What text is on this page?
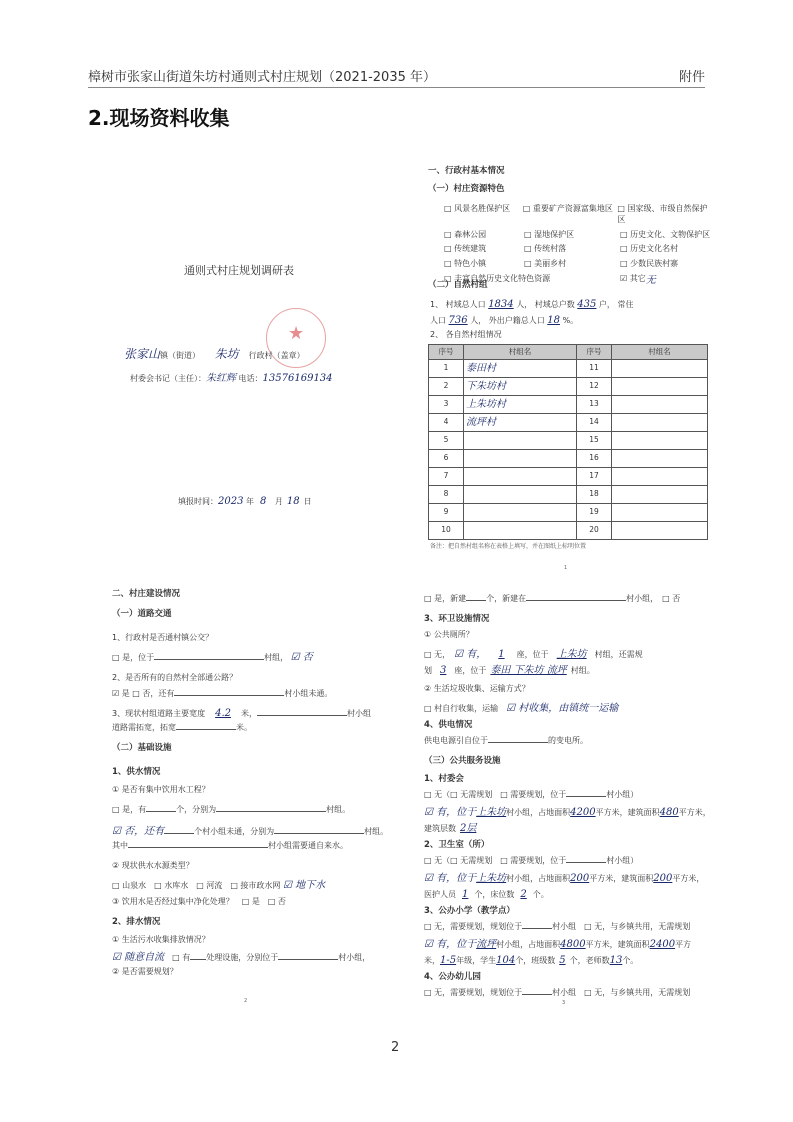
樟树市张家山街道朱坊村通则式村庄规划（2021-2035 年）	附件
2.现场资料收集
通则式村庄规划调研表
★
张家山镇（街道） 朱坊 行政村（盖章）
村委会书记（主任）：朱红辉 电话：13576169134
填报时间：2023 年 8 月 18 日
一、行政村基本情况
（一）村庄资源特色
□ 风景名胜保护区	□ 重要矿产资源富集地区 □ 国家级、市级自然保护区
□ 森林公园	□ 湿地保护区	□ 历史文化、文物保护区
□ 传统建筑	□ 传统村落	□ 历史文化名村
□ 特色小镇	□ 美丽乡村	□ 少数民族村寨
□ 丰富自然历史文化特色资源	☑ 其它 无
（二）自然村组
1、 村域总人口 1834 人， 村域总户数 435 户， 常住
人口 736 人， 外出户籍总人口 18 %。
2、 各自然村组情况
序号	村组名	序号	村组名
1	泰田村	11	
2	下朱坊村	12	
3	上朱坊村	13	
4	流坪村	14	
5		15	
6		16	
7		17	
8		18	
9		19	
10		20	
备注：把自然村组名称在表格上填写，并在图纸上标明位置
1
二、村庄建设情况
（一）道路交通
1、行政村是否通村镇公交？
□ 是，位于	村组， ☑ 否
2、是否所有的自然村全部通公路？
☑ 是 □ 否，还有	村小组未通。
3、现状村组道路主要宽度 4.2 米，	村小组
道路需拓宽，拓宽	米。
（二）基础设施
1、供水情况
① 是否有集中饮用水工程？
□ 是，有	个，分别为	村组。
☑ 否，还有	个村小组未通，分别为	村组。
其中	村小组需要通自来水。
② 现状供水水源类型？
□ 山泉水　 □ 水库水　 □ 河流　 □ 接市政水网 ☑ 地下水
③ 饮用水是否经过集中净化处理？　 □ 是　 □ 否
2、排水情况
① 生活污水收集排放情况？
☑ 随意自流　 □ 有 处理设施，分别位于	村小组，
② 是否需要规划？
2
□ 是，新建	个，新建在	村小组，　 □ 否
3、环卫设施情况
① 公共厕所？
□ 无，　 ☑ 有， 1 座，位于 上朱坊 村组，还需规
划 3 座，位于 泰田 下朱坊 流坪 村组。
② 生活垃圾收集、运输方式？
□ 村自行收集，运输　 ☑ 村收集，由镇统一运输
4、供电情况
供电电源引自位于	的变电所。
（三）公共服务设施
1、村委会
□ 无（□ 无需规划　 □ 需要规划，位于	村小组）
☑ 有，位于上朱坊村小组，占地面积4200平方米，建筑面积480平方米，
建筑层数 2层
2、卫生室（所）
□ 无（□ 无需规划　 □ 需要规划，位于	村小组）
☑ 有，位于上朱坊村小组，占地面积200平方米，建筑面积200平方米，
医护人员 1 个，床位数 2 个。
3、公办小学（教学点）
□ 无，需要规划，规划位于	村小组　 □ 无，与乡镇共用，无需规划
☑ 有，位于流坪村小组，占地面积4800平方米，建筑面积2400平方
米，1-5年级，学生104个，班级数 5 个，老师数13个。
4、公办幼儿园
□ 无，需要规划，规划位于	村小组　 □ 无，与乡镇共用，无需规划
3
2
